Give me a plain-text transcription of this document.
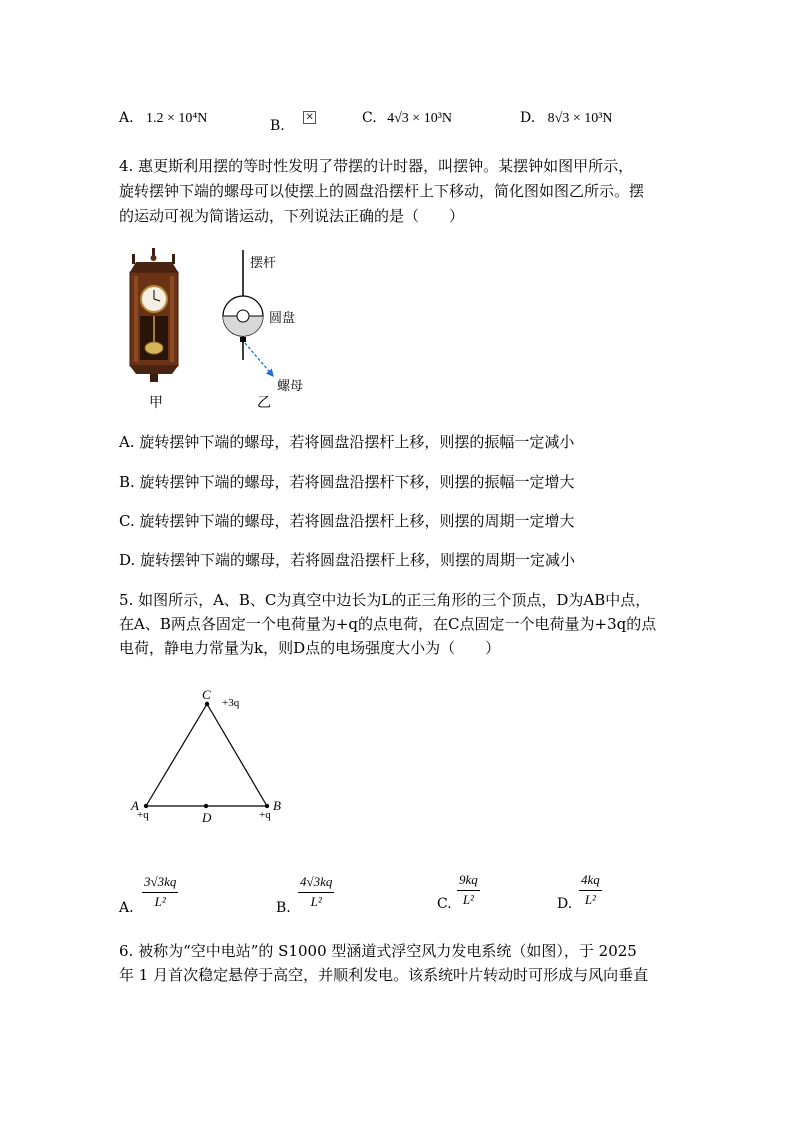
A. 1.2 × 10⁴N	B. ✕	C. 4√3 × 10³N	D. 8√3 × 10³N
4. 惠更斯利用摆的等时性发明了带摆的计时器，叫摆钟。某摆钟如图甲所示，
旋转摆钟下端的螺母可以使摆上的圆盘沿摆杆上下移动，简化图如图乙所示。摆
的运动可视为简谐运动，下列说法正确的是（　　）
甲
摆杆
圆盘
螺母
乙
A. 旋转摆钟下端的螺母，若将圆盘沿摆杆上移，则摆的振幅一定减小
B. 旋转摆钟下端的螺母，若将圆盘沿摆杆下移，则摆的振幅一定增大
C. 旋转摆钟下端的螺母，若将圆盘沿摆杆上移，则摆的周期一定增大
D. 旋转摆钟下端的螺母，若将圆盘沿摆杆上移，则摆的周期一定减小
5. 如图所示，A、B、C为真空中边长为L的正三角形的三个顶点，D为AB中点，
在A、B两点各固定一个电荷量为+q的点电荷，在C点固定一个电荷量为+3q的点
电荷，静电力常量为k，则D点的电场强度大小为（　　）
C
+3q
A
+q
B
+q
D
A. $\frac{3√3kq}{\text{L²}}$	B. $\frac{4√3kq}{\text{L²}}$	C. $\frac{9kq}{\text{L²}}$	D. $\frac{4kq}{\text{L²}}$
6. 被称为“空中电站”的 S1000 型涵道式浮空风力发电系统（如图），于 2025
年 1 月首次稳定悬停于高空，并顺利发电。该系统叶片转动时可形成与风向垂直
